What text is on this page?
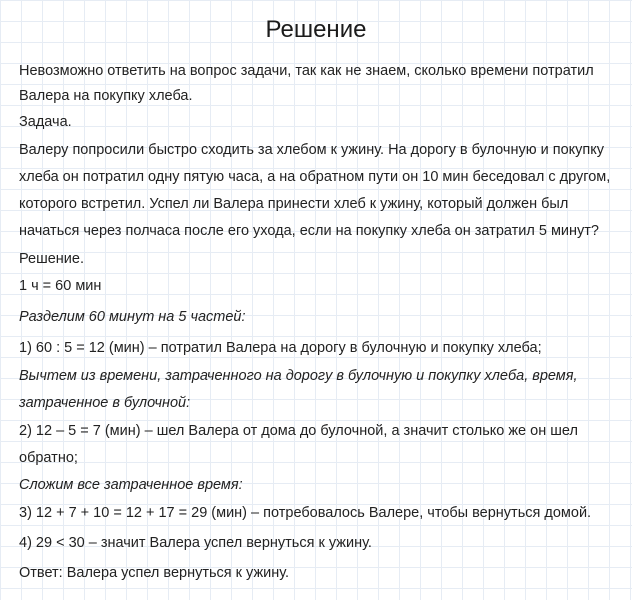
Решение
Невозможно ответить на вопрос задачи, так как не знаем, сколько времени потратил
Валера на покупку хлеба.
Задача.
Валеру попросили быстро сходить за хлебом к ужину. На дорогу в булочную и покупку
хлеба он потратил одну пятую часа, а на обратном пути он 10 мин беседовал с другом,
которого встретил. Успел ли Валера принести хлеб к ужину, который должен был
начаться через полчаса после его ухода, если на покупку хлеба он затратил 5 минут?
Решение.
1 ч = 60 мин
Разделим 60 минут на 5 частей:
1) 60 : 5 = 12 (мин) – потратил Валера на дорогу в булочную и покупку хлеба;
Вычтем из времени, затраченного на дорогу в булочную и покупку хлеба, время,
затраченное в булочной:
2) 12 – 5 = 7 (мин) – шел Валера от дома до булочной, а значит столько же он шел
обратно;
Сложим все затраченное время:
3) 12 + 7 + 10 = 12 + 17 = 29 (мин) – потребовалось Валере, чтобы вернуться домой.
4) 29 < 30 – значит Валера успел вернуться к ужину.
Ответ: Валера успел вернуться к ужину.
